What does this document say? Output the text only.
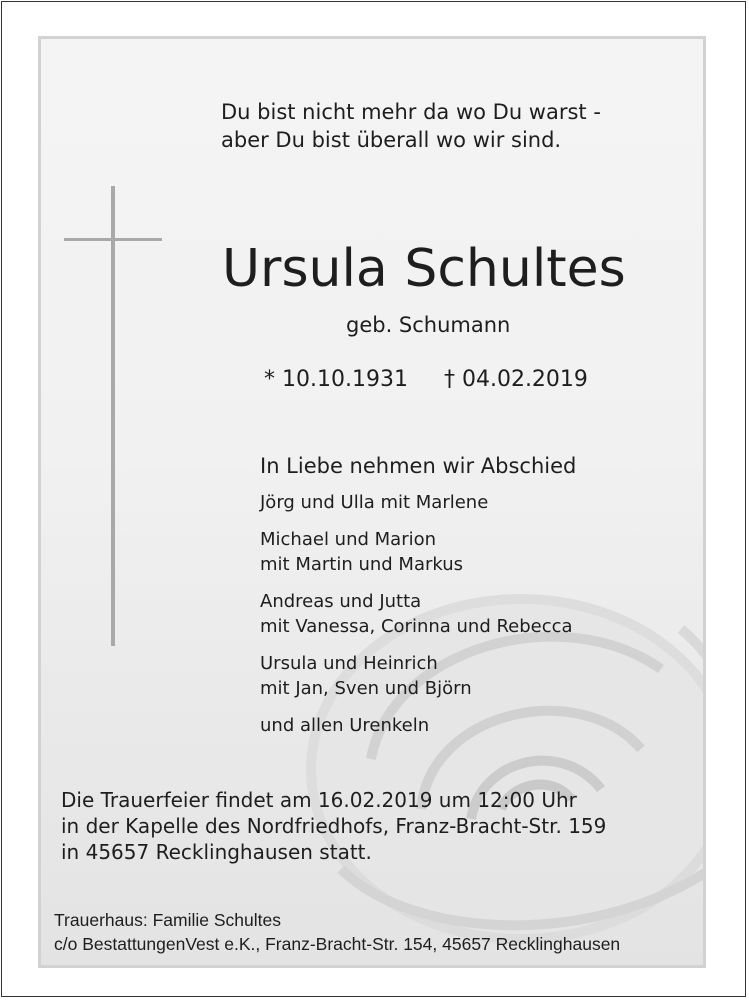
Du bist nicht mehr da wo Du warst -
aber Du bist überall wo wir sind.
Ursula Schultes
geb. Schumann
* 10.10.1931 † 04.02.2019
In Liebe nehmen wir Abschied
Jörg und Ulla mit Marlene
Michael und Marion
mit Martin und Markus
Andreas und Jutta
mit Vanessa, Corinna und Rebecca
Ursula und Heinrich
mit Jan, Sven und Björn
und allen Urenkeln
Die Trauerfeier findet am 16.02.2019 um 12:00 Uhr
in der Kapelle des Nordfriedhofs, Franz-Bracht-Str. 159
in 45657 Recklinghausen statt.
Trauerhaus: Familie Schultes
c/o BestattungenVest e.K., Franz-Bracht-Str. 154, 45657 Recklinghausen
